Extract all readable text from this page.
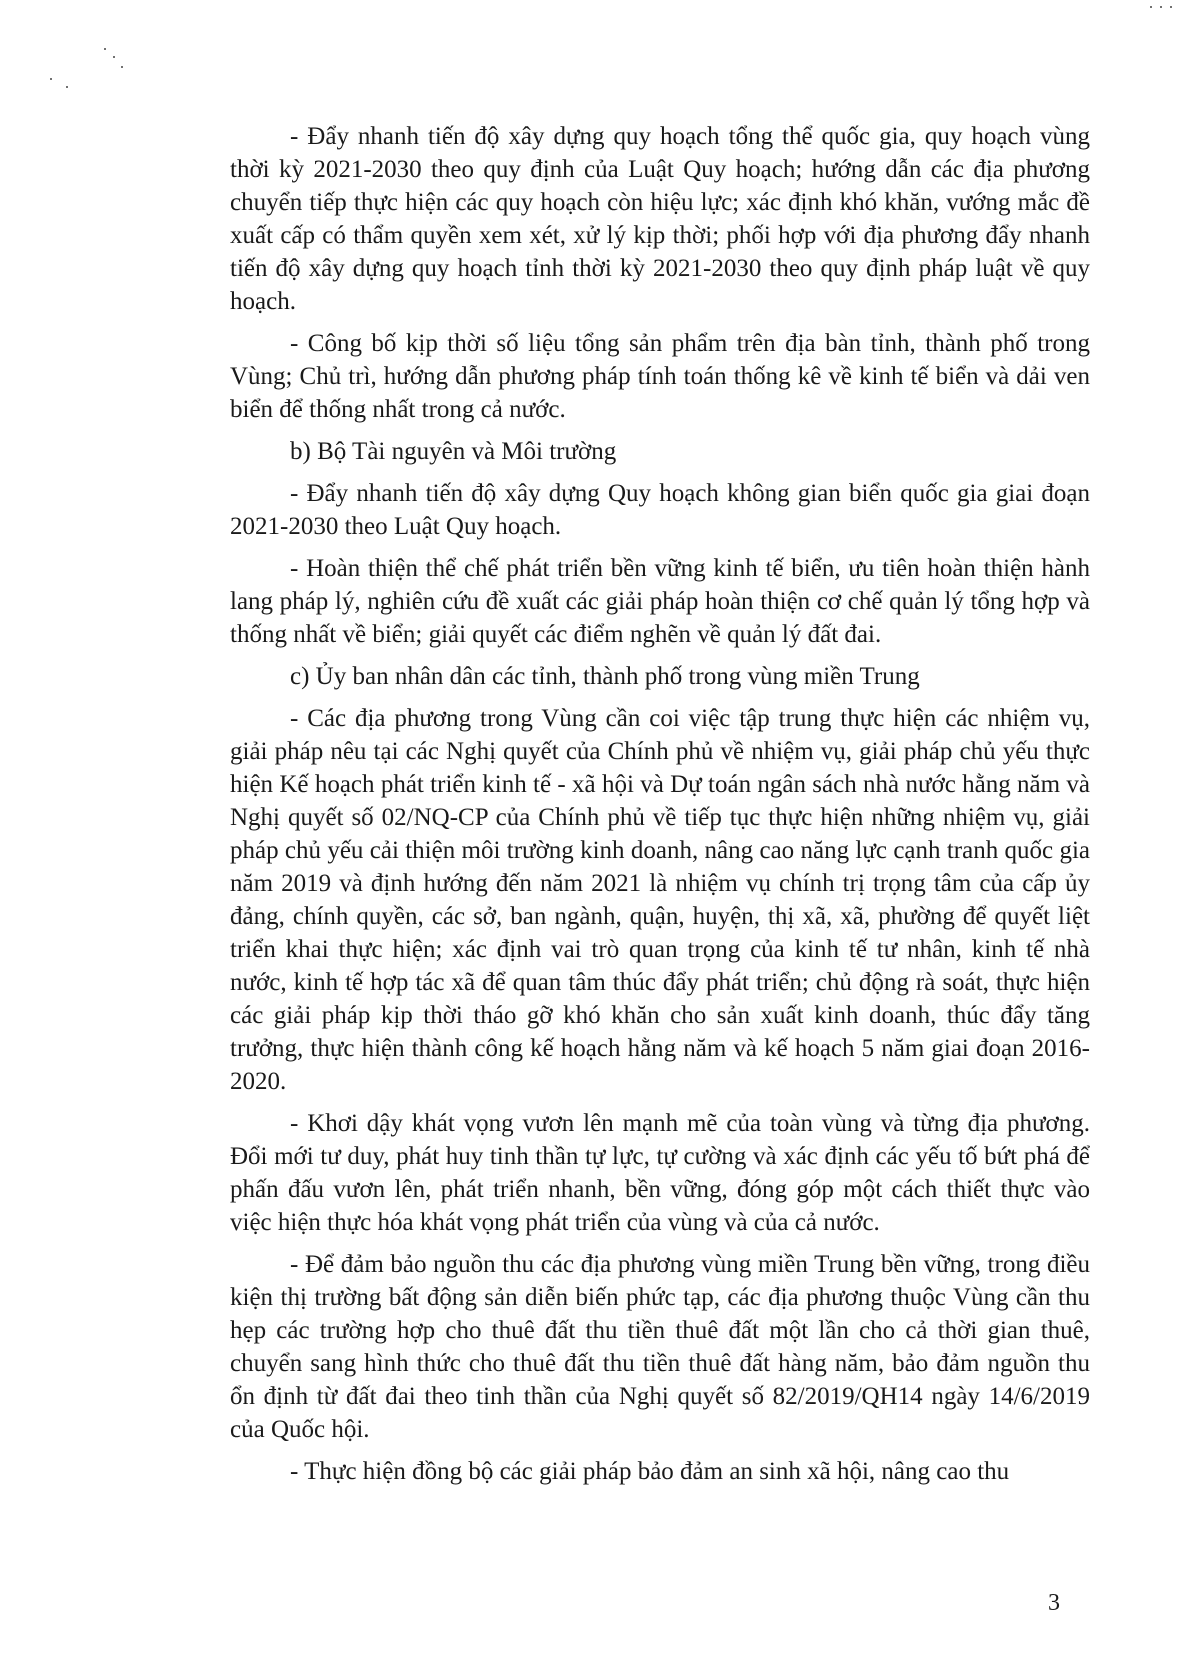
- Đẩy nhanh tiến độ xây dựng quy hoạch tổng thể quốc gia, quy hoạch vùng thời kỳ 2021-2030 theo quy định của Luật Quy hoạch; hướng dẫn các địa phương chuyển tiếp thực hiện các quy hoạch còn hiệu lực; xác định khó khăn, vướng mắc đề xuất cấp có thẩm quyền xem xét, xử lý kịp thời; phối hợp với địa phương đẩy nhanh tiến độ xây dựng quy hoạch tỉnh thời kỳ 2021-2030 theo quy định pháp luật về quy hoạch.

- Công bố kịp thời số liệu tổng sản phẩm trên địa bàn tỉnh, thành phố trong Vùng; Chủ trì, hướng dẫn phương pháp tính toán thống kê về kinh tế biển và dải ven biển để thống nhất trong cả nước.

b) Bộ Tài nguyên và Môi trường

- Đẩy nhanh tiến độ xây dựng Quy hoạch không gian biển quốc gia giai đoạn 2021-2030 theo Luật Quy hoạch.

- Hoàn thiện thể chế phát triển bền vững kinh tế biển, ưu tiên hoàn thiện hành lang pháp lý, nghiên cứu đề xuất các giải pháp hoàn thiện cơ chế quản lý tổng hợp và thống nhất về biển; giải quyết các điểm nghẽn về quản lý đất đai.

c) Ủy ban nhân dân các tỉnh, thành phố trong vùng miền Trung

- Các địa phương trong Vùng cần coi việc tập trung thực hiện các nhiệm vụ, giải pháp nêu tại các Nghị quyết của Chính phủ về nhiệm vụ, giải pháp chủ yếu thực hiện Kế hoạch phát triển kinh tế - xã hội và Dự toán ngân sách nhà nước hằng năm và Nghị quyết số 02/NQ-CP của Chính phủ về tiếp tục thực hiện những nhiệm vụ, giải pháp chủ yếu cải thiện môi trường kinh doanh, nâng cao năng lực cạnh tranh quốc gia năm 2019 và định hướng đến năm 2021 là nhiệm vụ chính trị trọng tâm của cấp ủy đảng, chính quyền, các sở, ban ngành, quận, huyện, thị xã, xã, phường để quyết liệt triển khai thực hiện; xác định vai trò quan trọng của kinh tế tư nhân, kinh tế nhà nước, kinh tế hợp tác xã để quan tâm thúc đẩy phát triển; chủ động rà soát, thực hiện các giải pháp kịp thời tháo gỡ khó khăn cho sản xuất kinh doanh, thúc đẩy tăng trưởng, thực hiện thành công kế hoạch hằng năm và kế hoạch 5 năm giai đoạn 2016-2020.

- Khơi dậy khát vọng vươn lên mạnh mẽ của toàn vùng và từng địa phương. Đổi mới tư duy, phát huy tinh thần tự lực, tự cường và xác định các yếu tố bứt phá để phấn đấu vươn lên, phát triển nhanh, bền vững, đóng góp một cách thiết thực vào việc hiện thực hóa khát vọng phát triển của vùng và của cả nước.

- Để đảm bảo nguồn thu các địa phương vùng miền Trung bền vững, trong điều kiện thị trường bất động sản diễn biến phức tạp, các địa phương thuộc Vùng cần thu hẹp các trường hợp cho thuê đất thu tiền thuê đất một lần cho cả thời gian thuê, chuyển sang hình thức cho thuê đất thu tiền thuê đất hàng năm, bảo đảm nguồn thu ổn định từ đất đai theo tinh thần của Nghị quyết số 82/2019/QH14 ngày 14/6/2019 của Quốc hội.

- Thực hiện đồng bộ các giải pháp bảo đảm an sinh xã hội, nâng cao thu

3
